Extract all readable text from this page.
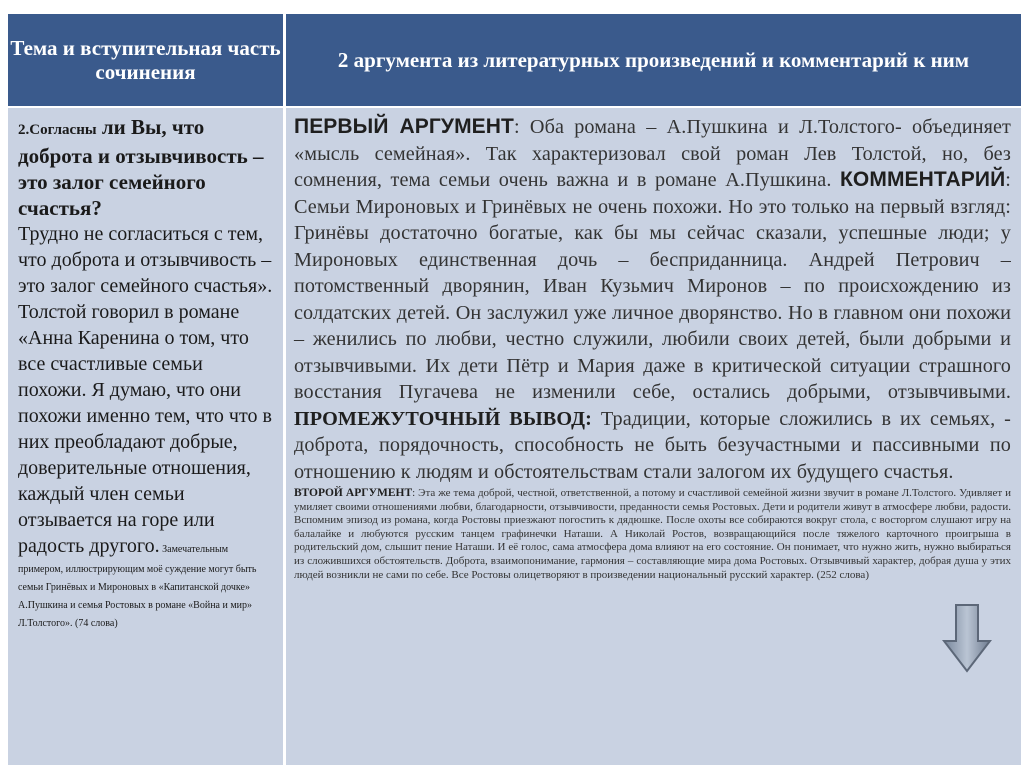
Тема и вступительная часть сочинения
2 аргумента из литературных произведений и комментарий к ним
2.Согласны ли Вы, что доброта и отзывчивость – это залог семейного счастья?
Трудно не согласиться с тем, что доброта и отзывчивость – это залог семейного счастья». Толстой говорил в романе «Анна Каренина о том, что все счастливые семьи похожи. Я думаю, что они похожи именно тем, что что в них преобладают добрые, доверительные отношения, каждый член семьи отзывается на горе или радость другого. Замечательным примером, иллюстрирующим моё суждение могут быть семьи Гринёвых и Мироновых в «Капитанской дочке» А.Пушкина и семья Ростовых в романе «Война и мир» Л.Толстого». (74 слова)
ПЕРВЫЙ АРГУМЕНТ: Оба романа – А.Пушкина и Л.Толстого- объединяет «мысль семейная». Так характеризовал свой роман Лев Толстой, но, без сомнения, тема семьи очень важна и в романе А.Пушкина. КОММЕНТАРИЙ: Семьи Мироновых и Гринёвых не очень похожи. Но это только на первый взгляд: Гринёвы достаточно богатые, как бы мы сейчас сказали, успешные люди; у Мироновых единственная дочь – бесприданница. Андрей Петрович – потомственный дворянин, Иван Кузьмич Миронов – по происхождению из солдатских детей. Он заслужил уже личное дворянство. Но в главном они похожи – женились по любви, честно служили, любили своих детей, были добрыми и отзывчивыми. Их дети Пётр и Мария даже в критической ситуации страшного восстания Пугачева не изменили себе, остались добрыми, отзывчивыми. ПРОМЕЖУТОЧНЫЙ ВЫВОД: Традиции, которые сложились в их семьях, - доброта, порядочность, способность не быть безучастными и пассивными по отношению к людям и обстоятельствам стали залогом их будущего счастья.
ВТОРОЙ АРГУМЕНТ: Эта же тема доброй, честной, ответственной, а потому и счастливой семейной жизни звучит в романе Л.Толстого. Удивляет и умиляет своими отношениями любви, благодарности, отзывчивости, преданности семья Ростовых. Дети и родители живут в атмосфере любви, радости. Вспомним эпизод из романа, когда Ростовы приезжают погостить к дядюшке. После охоты все собираются вокруг стола, с восторгом слушают игру на балалайке и любуются русским танцем графинечки Наташи. А Николай Ростов, возвращающийся после тяжелого карточного проигрыша в родительский дом, слышит пение Наташи. И её голос, сама атмосфера дома влияют на его состояние. Он понимает, что нужно жить, нужно выбираться из сложившихся обстоятельств. Доброта, взаимопонимание, гармония – составляющие мира дома Ростовых. Отзывчивый характер, добрая душа у этих людей возникли не сами по себе. Все Ростовы олицетворяют в произведении национальный русский характер. (252 слова)
